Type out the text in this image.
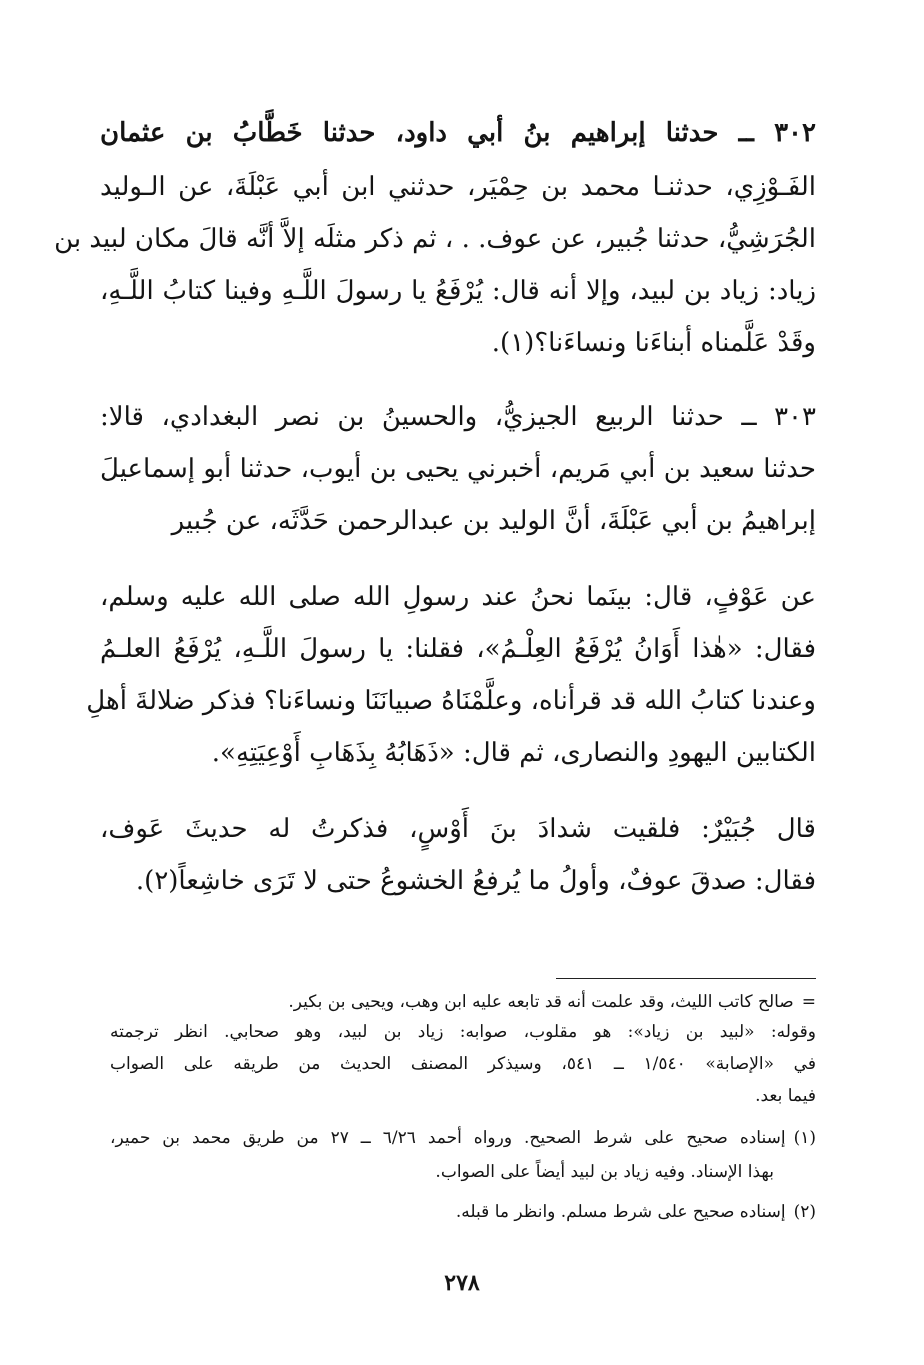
٣٠٢ ــ حدثنا إبراهيم بنُ أبي داود، حدثنا خَطَّابُ بن عثمان
الفَـوْزِي، حدثنـا محمد بن حِمْيَر، حدثني ابن أبي عَبْلَةَ، عن الـوليد
الجُرَشِيُّ، حدثنا جُبير، عن عوف. . ، ثم ذكر مثلَه إلاَّ أنَّه قالَ مكان لبيد بن
زياد: زياد بن لبيد، وإلا أنه قال: يُرْفَعُ يا رسولَ اللَّـهِ وفينا كتابُ اللَّـهِ،
وقَدْ عَلَّمناه أبناءَنا ونساءَنا؟(١).
٣٠٣ ــ حدثنا الربيع الجيزيُّ، والحسينُ بن نصر البغدادي، قالا:
حدثنا سعيد بن أبي مَريم، أخبرني يحيى بن أيوب، حدثنا أبو إسماعيلَ
إبراهيمُ بن أبي عَبْلَةَ، أنَّ الوليد بن عبدالرحمن حَدَّثَه، عن جُبير
عن عَوْفٍ، قال: بينَما نحنُ عند رسولِ الله صلى الله عليه وسلم،
فقال: «هٰذا أَوَانُ يُرْفَعُ العِلْـمُ»، فقلنا: يا رسولَ اللَّـهِ، يُرْفَعُ العلـمُ
وعندنا كتابُ الله قد قرأناه، وعلَّمْنَاهُ صبيانَنَا ونساءَنا؟ فذكر ضلالةَ أهلِ
الكتابين اليهودِ والنصارى، ثم قال: «ذَهَابُهُ بِذَهَابِ أَوْعِيَتِهِ».
قال جُبَيْرٌ: فلقيت شدادَ بنَ أَوْسٍ، فذكرتُ له حديثَ عَوف،
فقال: صدقَ عوفٌ، وأولُ ما يُرفعُ الخشوعُ حتى لا تَرَى خاشِعاً(٢).
=صالح كاتب الليث، وقد علمت أنه قد تابعه عليه ابن وهب، ويحيى بن بكير.
وقوله: «لبيد بن زياد»: هو مقلوب، صوابه: زياد بن لبيد، وهو صحابي. انظر ترجمته
في «الإصابة» ١/٥٤٠ ــ ٥٤١، وسيذكر المصنف الحديث من طريقه على الصواب
فيما بعد.
(١)إسناده صحيح على شرط الصحيح. ورواه أحمد ٦/٢٦ ــ ٢٧ من طريق محمد بن حمير،
بهذا الإسناد. وفيه زياد بن لبيد أيضاً على الصواب.
(٢)إسناده صحيح على شرط مسلم. وانظر ما قبله.
٢٧٨
